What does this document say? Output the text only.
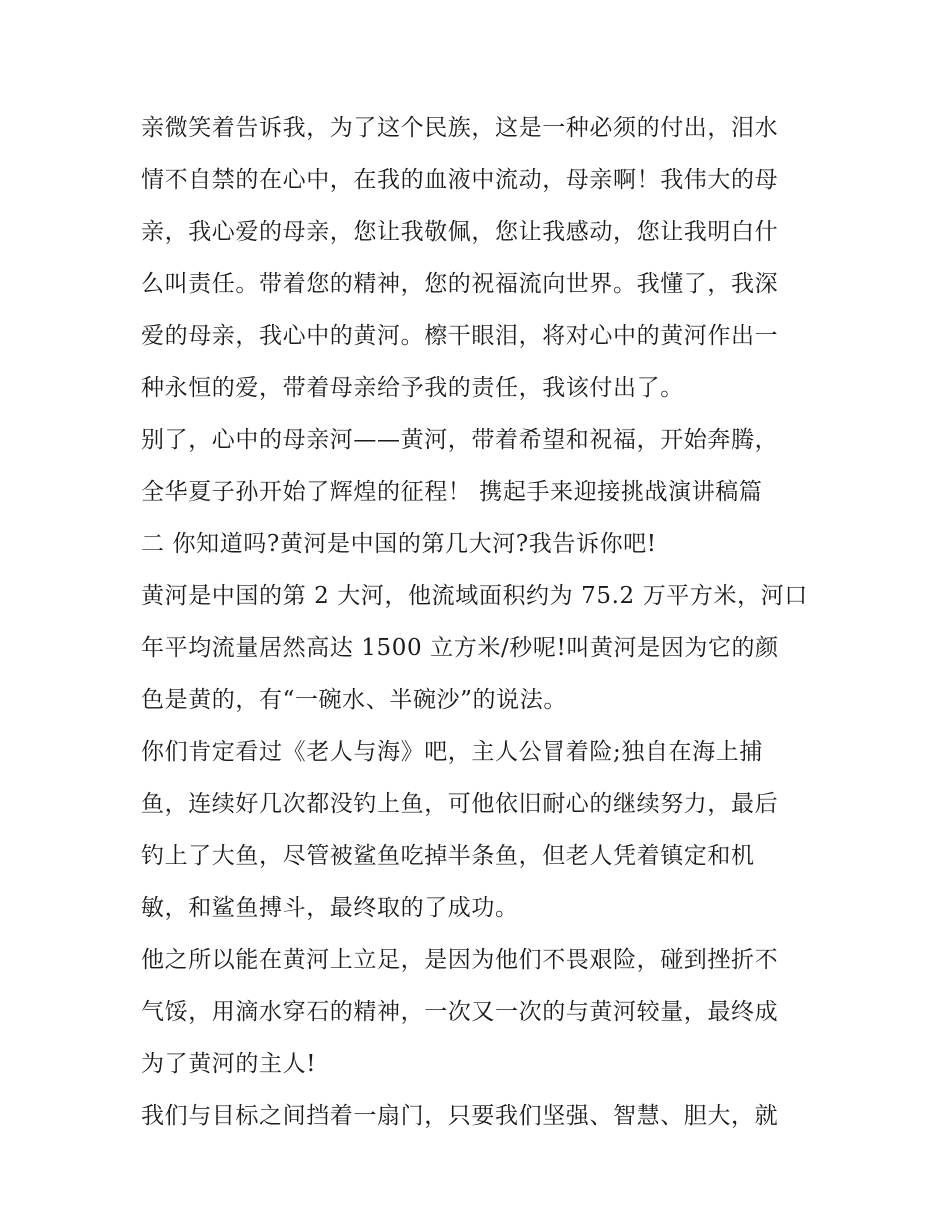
亲微笑着告诉我，为了这个民族，这是一种必须的付出，泪水
情不自禁的在心中，在我的血液中流动，母亲啊！我伟大的母
亲，我心爱的母亲，您让我敬佩，您让我感动，您让我明白什
么叫责任。带着您的精神，您的祝福流向世界。我懂了，我深
爱的母亲，我心中的黄河。檫干眼泪，将对心中的黄河作出一
种永恒的爱，带着母亲给予我的责任，我该付出了。
别了，心中的母亲河——黄河，带着希望和祝福，开始奔腾，
全华夏子孙开始了辉煌的征程！ 携起手来迎接挑战演讲稿篇
二 你知道吗?黄河是中国的第几大河?我告诉你吧!
黄河是中国的第 2 大河，他流域面积约为 75.2 万平方米，河口
年平均流量居然高达 1500 立方米/秒呢!叫黄河是因为它的颜
色是黄的，有“一碗水、半碗沙”的说法。
你们肯定看过《老人与海》吧，主人公冒着险;独自在海上捕
鱼，连续好几次都没钓上鱼，可他依旧耐心的继续努力，最后
钓上了大鱼，尽管被鲨鱼吃掉半条鱼，但老人凭着镇定和机
敏，和鲨鱼搏斗，最终取的了成功。
他之所以能在黄河上立足，是因为他们不畏艰险，碰到挫折不
气馁，用滴水穿石的精神，一次又一次的与黄河较量，最终成
为了黄河的主人!
我们与目标之间挡着一扇门，只要我们坚强、智慧、胆大，就
